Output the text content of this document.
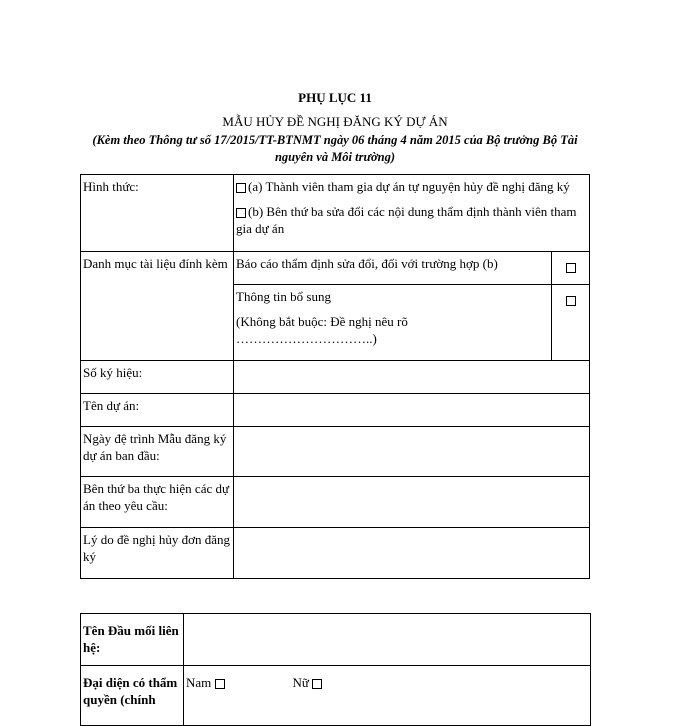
PHỤ LỤC 11
MẪU HỦY ĐỀ NGHỊ ĐĂNG KÝ DỰ ÁN
(Kèm theo Thông tư số 17/2015/TT-BTNMT ngày 06 tháng 4 năm 2015 của Bộ trưởng Bộ Tài nguyên và Môi trường)
Hình thức:	(a) Thành viên tham gia dự án tự nguyện hủy đề nghị đăng ký
(b) Bên thứ ba sửa đổi các nội dung thẩm định thành viên tham gia dự án	

Danh mục tài liệu đính kèm	Báo cáo thẩm định sửa đổi, đối với trường hợp (b)	

	Thông tin bổ sung
(Không bắt buộc: Đề nghị nêu rõ …………………………..)	

Số ký hiệu:		
Tên dự án:		
Ngày đệ trình Mẫu đăng ký dự án ban đầu:		
Bên thứ ba thực hiện các dự án theo yêu cầu:		
Lý do đề nghị hủy đơn đăng ký		
Tên Đầu mối liên hệ:	
Đại diện có thẩm quyền (chính	Nam Nữ
